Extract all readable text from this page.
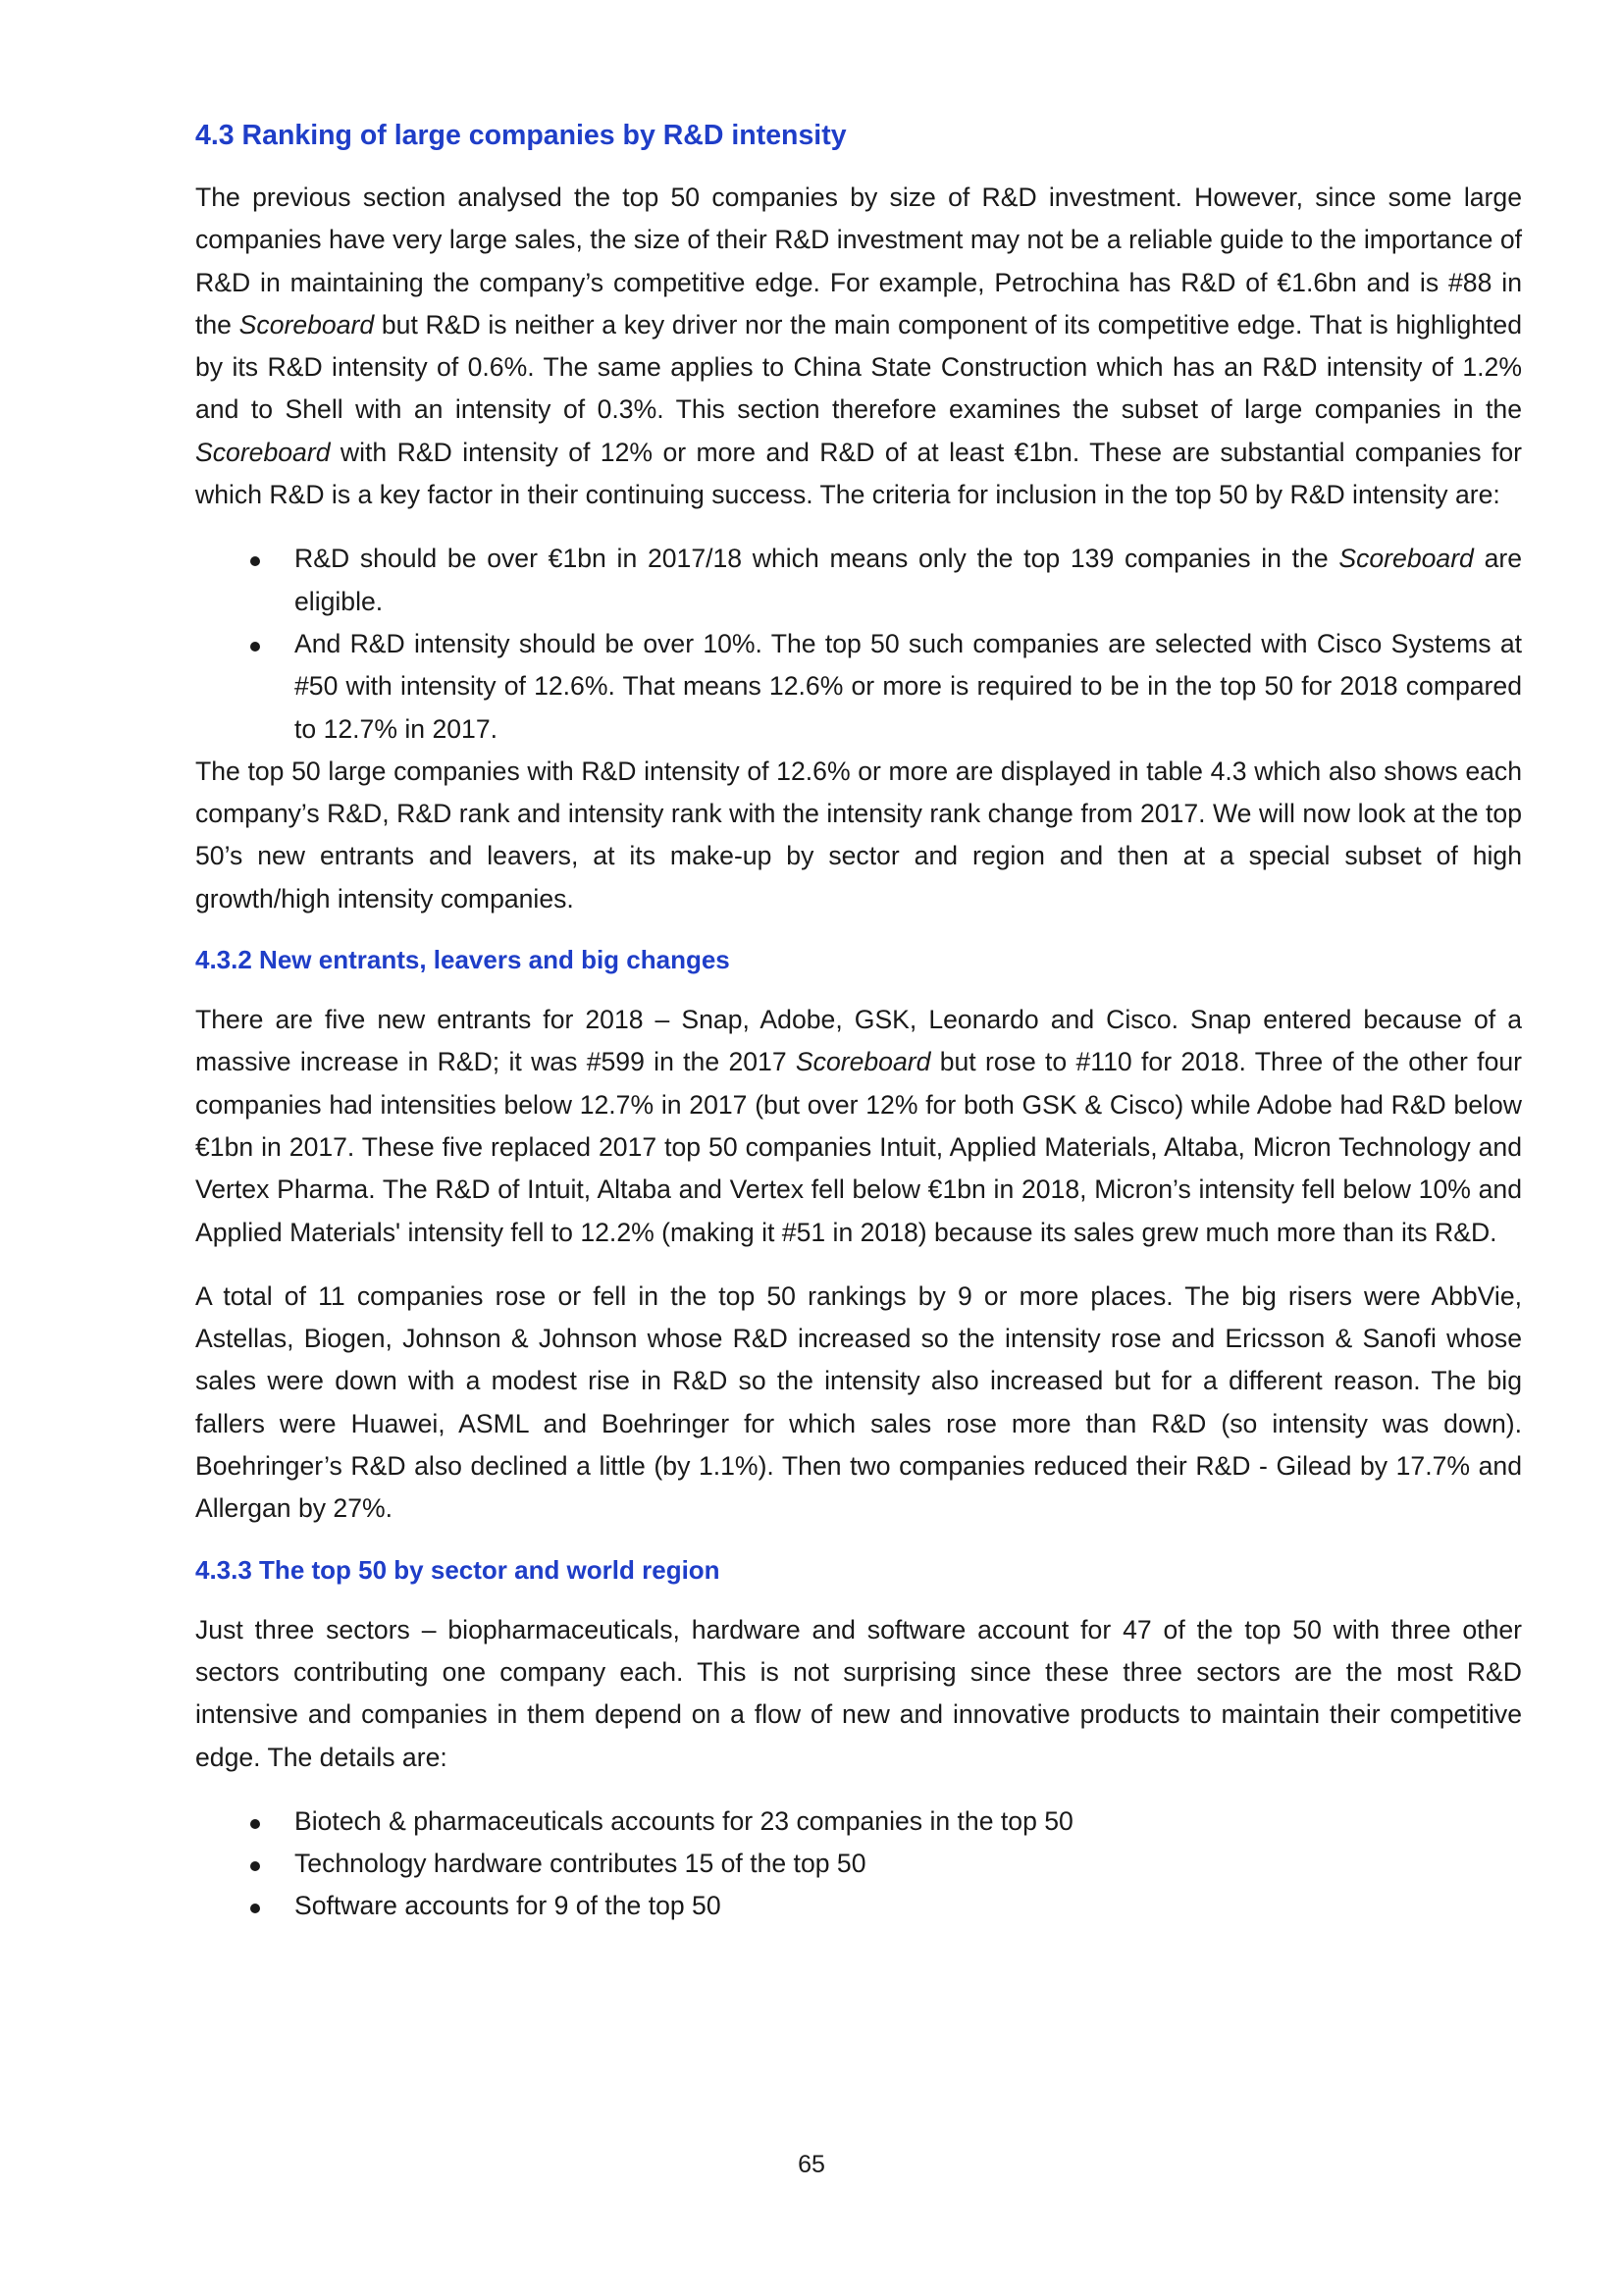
4.3 Ranking of large companies by R&D intensity

The previous section analysed the top 50 companies by size of R&D investment. However, since some large companies have very large sales, the size of their R&D investment may not be a reliable guide to the importance of R&D in maintaining the company’s competitive edge. For example, Petrochina has R&D of €1.6bn and is #88 in the Scoreboard but R&D is neither a key driver nor the main component of its competitive edge. That is highlighted by its R&D intensity of 0.6%. The same applies to China State Construction which has an R&D intensity of 1.2% and to Shell with an intensity of 0.3%. This section therefore examines the subset of large companies in the Scoreboard with R&D intensity of 12% or more and R&D of at least €1bn. These are substantial companies for which R&D is a key factor in their continuing success. The criteria for inclusion in the top 50 by R&D intensity are:

R&D should be over €1bn in 2017/18 which means only the top 139 companies in the Scoreboard are eligible.
And R&D intensity should be over 10%. The top 50 such companies are selected with Cisco Systems at #50 with intensity of 12.6%. That means 12.6% or more is required to be in the top 50 for 2018 compared to 12.7% in 2017.

The top 50 large companies with R&D intensity of 12.6% or more are displayed in table 4.3 which also shows each company’s R&D, R&D rank and intensity rank with the intensity rank change from 2017. We will now look at the top 50’s new entrants and leavers, at its make-up by sector and region and then at a special subset of high growth/high intensity companies.

4.3.2 New entrants, leavers and big changes

There are five new entrants for 2018 – Snap, Adobe, GSK, Leonardo and Cisco. Snap entered because of a massive increase in R&D; it was #599 in the 2017 Scoreboard but rose to #110 for 2018. Three of the other four companies had intensities below 12.7% in 2017 (but over 12% for both GSK & Cisco) while Adobe had R&D below €1bn in 2017. These five replaced 2017 top 50 companies Intuit, Applied Materials, Altaba, Micron Technology and Vertex Pharma. The R&D of Intuit, Altaba and Vertex fell below €1bn in 2018, Micron’s intensity fell below 10% and Applied Materials' intensity fell to 12.2% (making it #51 in 2018) because its sales grew much more than its R&D.

A total of 11 companies rose or fell in the top 50 rankings by 9 or more places. The big risers were AbbVie, Astellas, Biogen, Johnson & Johnson whose R&D increased so the intensity rose and Ericsson & Sanofi whose sales were down with a modest rise in R&D so the intensity also increased but for a different reason. The big fallers were Huawei, ASML and Boehringer for which sales rose more than R&D (so intensity was down). Boehringer’s R&D also declined a little (by 1.1%). Then two companies reduced their R&D - Gilead by 17.7% and Allergan by 27%.

4.3.3 The top 50 by sector and world region

Just three sectors – biopharmaceuticals, hardware and software account for 47 of the top 50 with three other sectors contributing one company each. This is not surprising since these three sectors are the most R&D intensive and companies in them depend on a flow of new and innovative products to maintain their competitive edge. The details are:

Biotech & pharmaceuticals accounts for 23 companies in the top 50
Technology hardware contributes 15 of the top 50
Software accounts for 9 of the top 50
65
